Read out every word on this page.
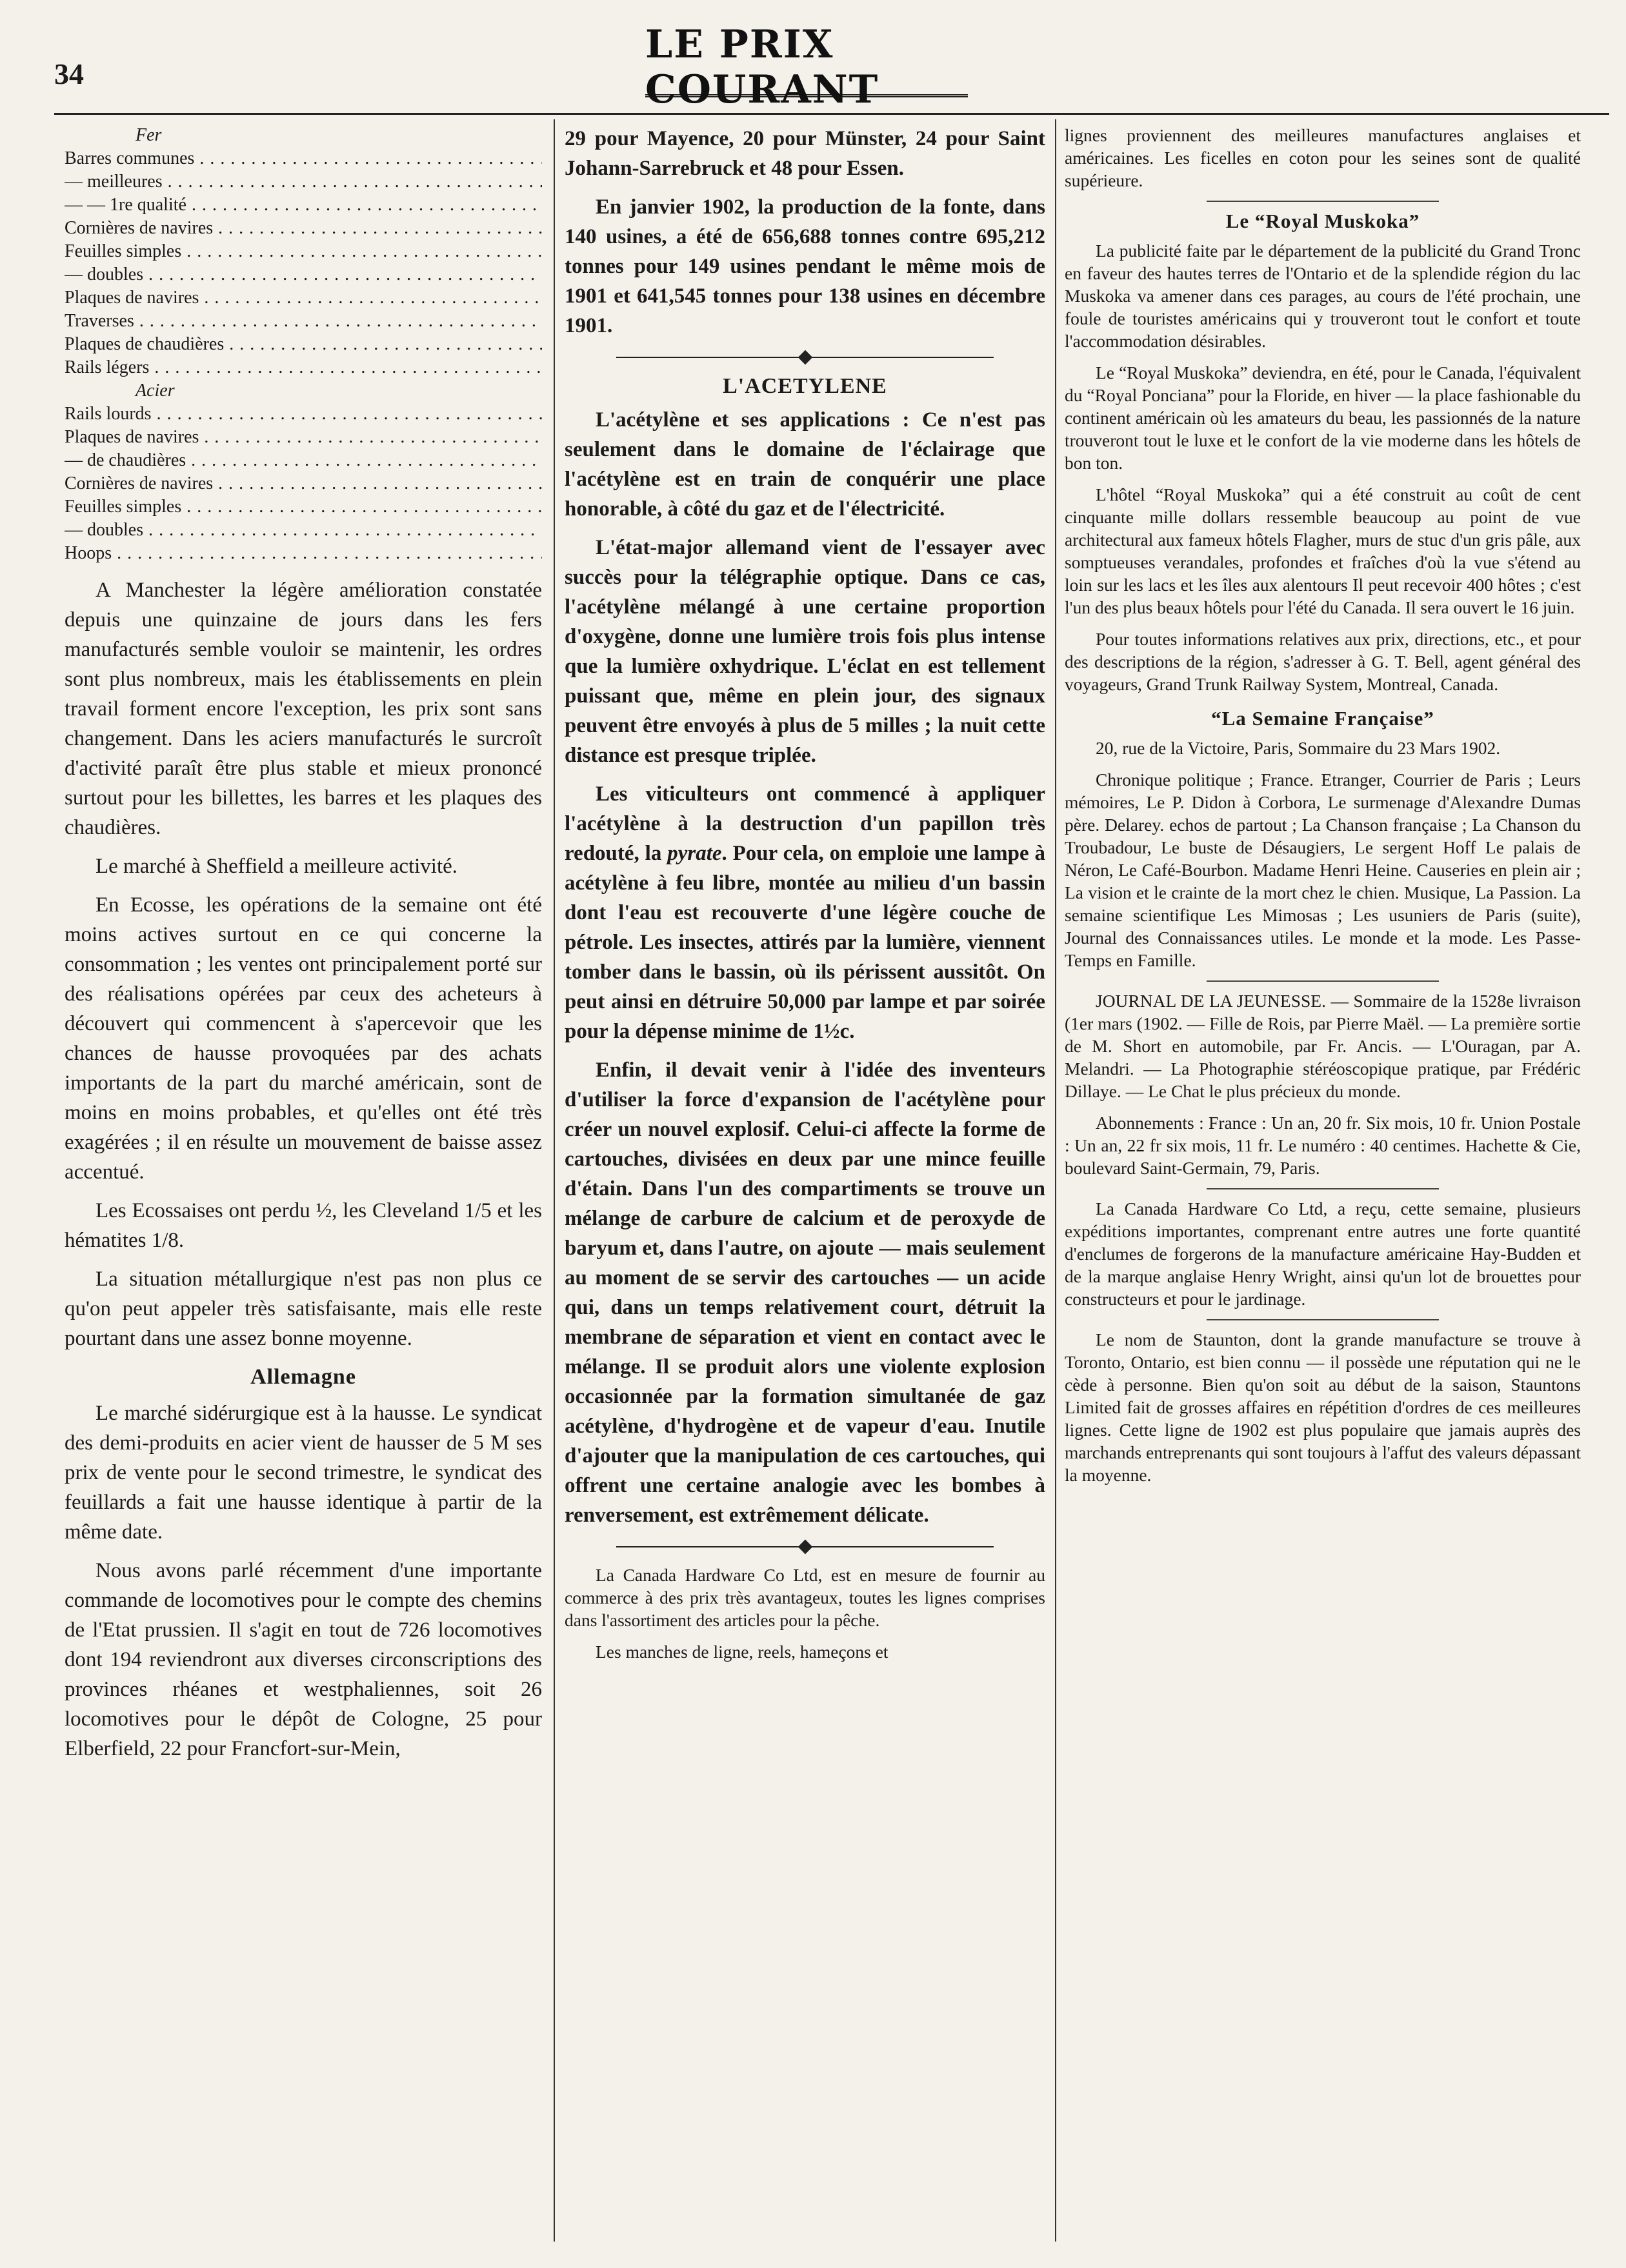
34
LE PRIX COURANT
Fer	
Barres communes . . .	
— meilleures . . .	
— — 1re qualité . . .	
Cornières de navires . . .	
Feuilles simples . . .	
— doubles . . .	
Plaques de navires . . .	
Traverses . . .	
Plaques de chaudières . . .	
Rails légers . . .	
Acier	
Rails lourds . . .	
Plaques de navires . . .	
— de chaudières . . .	
Cornières de navires . . .	
Feuilles simples . . .	
— doubles . . .	
Hoops . . .	

A Manchester la légère amélioration constatée depuis une quinzaine de jours dans les fers manufacturés semble vouloir se maintenir, les ordres sont plus nombreux, mais les établissements en plein travail forment encore l'exception, les prix sont sans changement. Dans les aciers manufacturés le surcroît d'activité paraît être plus stable et mieux prononcé surtout pour les billettes, les barres et les plaques des chaudières.

Le marché à Sheffield a meilleure activité.

En Ecosse, les opérations de la semaine ont été moins actives surtout en ce qui concerne la consommation ; les ventes ont principalement porté sur des réalisations opérées par ceux des acheteurs à découvert qui commencent à s'apercevoir que les chances de hausse provoquées par des achats importants de la part du marché américain, sont de moins en moins probables, et qu'elles ont été très exagérées ; il en résulte un mouvement de baisse assez accentué.

Les Ecossaises ont perdu ½, les Cleveland 1/5 et les hématites 1/8.

La situation métallurgique n'est pas non plus ce qu'on peut appeler très satisfaisante, mais elle reste pourtant dans une assez bonne moyenne.

Allemagne

Le marché sidérurgique est à la hausse. Le syndicat des demi-produits en acier vient de hausser de 5 M ses prix de vente pour le second trimestre, le syndicat des feuillards a fait une hausse identique à partir de la même date.

Nous avons parlé récemment d'une importante commande de locomotives pour le compte des chemins de l'Etat prussien. Il s'agit en tout de 726 locomotives dont 194 reviendront aux diverses circonscriptions des provinces rhéanes et westphaliennes, soit 26 locomotives pour le dépôt de Cologne, 25 pour Elberfield, 22 pour Francfort-sur-Mein,

29 pour Mayence, 20 pour Münster, 24 pour Saint Johann-Sarrebruck et 48 pour Essen.

En janvier 1902, la production de la fonte, dans 140 usines, a été de 656,688 tonnes contre 695,212 tonnes pour 149 usines pendant le même mois de 1901 et 641,545 tonnes pour 138 usines en décembre 1901.

L'ACETYLENE

L'acétylène et ses applications : Ce n'est pas seulement dans le domaine de l'éclairage que l'acétylène est en train de conquérir une place honorable, à côté du gaz et de l'électricité.

L'état-major allemand vient de l'essayer avec succès pour la télégraphie optique. Dans ce cas, l'acétylène mélangé à une certaine proportion d'oxygène, donne une lumière trois fois plus intense que la lumière oxhydrique. L'éclat en est tellement puissant que, même en plein jour, des signaux peuvent être envoyés à plus de 5 milles ; la nuit cette distance est presque triplée.

Les viticulteurs ont commencé à appliquer l'acétylène à la destruction d'un papillon très redouté, la pyrate. Pour cela, on emploie une lampe à acétylène à feu libre, montée au milieu d'un bassin dont l'eau est recouverte d'une légère couche de pétrole. Les insectes, attirés par la lumière, viennent tomber dans le bassin, où ils périssent aussitôt. On peut ainsi en détruire 50,000 par lampe et par soirée pour la dépense minime de 1½c.

Enfin, il devait venir à l'idée des inventeurs d'utiliser la force d'expansion de l'acétylène pour créer un nouvel explosif. Celui-ci affecte la forme de cartouches, divisées en deux par une mince feuille d'étain. Dans l'un des compartiments se trouve un mélange de carbure de calcium et de peroxyde de baryum et, dans l'autre, on ajoute — mais seulement au moment de se servir des cartouches — un acide qui, dans un temps relativement court, détruit la membrane de séparation et vient en contact avec le mélange. Il se produit alors une violente explosion occasionnée par la formation simultanée de gaz acétylène, d'hydrogène et de vapeur d'eau. Inutile d'ajouter que la manipulation de ces cartouches, qui offrent une certaine analogie avec les bombes à renversement, est extrêmement délicate.

La Canada Hardware Co Ltd, est en mesure de fournir au commerce à des prix très avantageux, toutes les lignes comprises dans l'assortiment des articles pour la pêche.

Les manches de ligne, reels, hameçons et

lignes proviennent des meilleures manufactures anglaises et américaines. Les ficelles en coton pour les seines sont de qualité supérieure.

Le “Royal Muskoka”

La publicité faite par le département de la publicité du Grand Tronc en faveur des hautes terres de l'Ontario et de la splendide région du lac Muskoka va amener dans ces parages, au cours de l'été prochain, une foule de touristes américains qui y trouveront tout le confort et toute l'accommodation désirables.

Le “Royal Muskoka” deviendra, en été, pour le Canada, l'équivalent du “Royal Ponciana” pour la Floride, en hiver — la place fashionable du continent américain où les amateurs du beau, les passionnés de la nature trouveront tout le luxe et le confort de la vie moderne dans les hôtels de bon ton.

L'hôtel “Royal Muskoka” qui a été construit au coût de cent cinquante mille dollars ressemble beaucoup au point de vue architectural aux fameux hôtels Flagher, murs de stuc d'un gris pâle, aux somptueuses verandales, profondes et fraîches d'où la vue s'étend au loin sur les lacs et les îles aux alentours Il peut recevoir 400 hôtes ; c'est l'un des plus beaux hôtels pour l'été du Canada. Il sera ouvert le 16 juin.

Pour toutes informations relatives aux prix, directions, etc., et pour des descriptions de la région, s'adresser à G. T. Bell, agent général des voyageurs, Grand Trunk Railway System, Montreal, Canada.

“La Semaine Française”

20, rue de la Victoire, Paris, Sommaire du 23 Mars 1902.

Chronique politique ; France. Etranger, Courrier de Paris ; Leurs mémoires, Le P. Didon à Corbora, Le surmenage d'Alexandre Dumas père. Delarey. echos de partout ; La Chanson française ; La Chanson du Troubadour, Le buste de Désaugiers, Le sergent Hoff Le palais de Néron, Le Café-Bourbon. Madame Henri Heine. Causeries en plein air ; La vision et le crainte de la mort chez le chien. Musique, La Passion. La semaine scientifique Les Mimosas ; Les usuniers de Paris (suite), Journal des Connaissances utiles. Le monde et la mode. Les Passe-Temps en Famille.

JOURNAL DE LA JEUNESSE. — Sommaire de la 1528e livraison (1er mars (1902. — Fille de Rois, par Pierre Maël. — La première sortie de M. Short en automobile, par Fr. Ancis. — L'Ouragan, par A. Melandri. — La Photographie stéréoscopique pratique, par Frédéric Dillaye. — Le Chat le plus précieux du monde.

Abonnements : France : Un an, 20 fr. Six mois, 10 fr. Union Postale : Un an, 22 fr six mois, 11 fr. Le numéro : 40 centimes. Hachette & Cie, boulevard Saint-Germain, 79, Paris.

La Canada Hardware Co Ltd, a reçu, cette semaine, plusieurs expéditions importantes, comprenant entre autres une forte quantité d'enclumes de forgerons de la manufacture américaine Hay-Budden et de la marque anglaise Henry Wright, ainsi qu'un lot de brouettes pour constructeurs et pour le jardinage.

Le nom de Staunton, dont la grande manufacture se trouve à Toronto, Ontario, est bien connu — il possède une réputation qui ne le cède à personne. Bien qu'on soit au début de la saison, Stauntons Limited fait de grosses affaires en répétition d'ordres de ces meilleures lignes. Cette ligne de 1902 est plus populaire que jamais auprès des marchands entreprenants qui sont toujours à l'affut des valeurs dépassant la moyenne.
